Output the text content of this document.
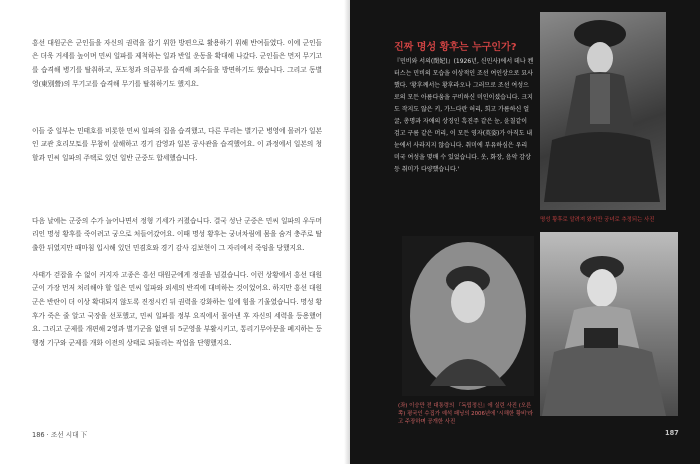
흥선 대원군은 군인들을 자신의 권력을 잡기 위한 방편으로 활용하기 위해 반여들였다. 이에 군인들은 더욱 거세를 높이며 민씨 일파를 제척하는 일과 반일 운동을 확대해 나갔다. 군인들은 먼저 무기고를 습격해 병기를 탈취하고, 포도청과 의금부를 습격해 죄수들을 방면하기도 했습니다. 그리고 동별영(東別營)의 무기고를 습격해 무기를 탈취하기도 했지요.

이들 중 일부는 민태호를 비롯한 민씨 일파의 집을 습격했고, 다른 무리는 별기군 병영에 몰려가 일본인 교관 호리모토를 무참히 살해하고 경기 감영과 일본 공사관을 습격했어요. 이 과정에서 일본의 청할과 민씨 일파의 주택로 있던 일반 군중도 합세했습니다.

다음 날에는 군중의 수가 늘어나면서 정형 기세가 커졌습니다. 결국 성난 군중은 민씨 일파의 우두머리인 명성 황후를 죽이려고 궁으로 처들어갔어요. 이때 명성 황후는 궁녀차림에 몸을 숨겨 충주로 탈출한 뒤였지만 때마침 입시해 있던 민겸호와 경기 감사 김보현이 그 자리에서 죽임을 당했지요.

사태가 걷잡을 수 없이 커지자 고종은 흥선 대원군에게 정권을 넘겼습니다. 이런 상황에서 흥선 대원군이 가장 먼저 처리해야 할 일은 민씨 일파와 외세의 반격에 대비하는 것이었어요. 하지만 흥선 대원군은 반란이 더 이상 확대되지 않도록 진정시킨 뒤 권력을 강화하는 일에 힘을 기울였습니다. 명성 황후가 죽은 줄 알고 국장을 선포했고, 민씨 일파를 정부 요직에서 몰아낸 후 자신의 세력을 등용했어요. 그리고 군제를 개편해 2영과 별기군을 없앤 뒤 5군영을 부활시키고, 통리기무아문을 폐지하는 등 행정 기구와 군제를 개화 이전의 상태로 되돌리는 작업을 단행했지요.

186 · 조선 시대 下
진짜 명성 황후는 누구인가?
『민비와 서의(閔妃)』(1926년, 신민사)에서 데나 켄터스는 민비의 모습을 이상적인 조선 여인상으로 묘사했다. '황후께서는 황후라오나 그러므로 조선 여성으로의 모든 아름다움을 구비하신 미인이셨습니다. 크지도 작지도 않은 키, 가느다란 허리, 희고 가름하신 얼굴, 총명과 자애의 상징인 흑진주 같은 눈, 윤칠같이 검고 구름 같은 머리, 이 모든 영자(英姿)가 아직도 내 눈에서 사라지지 않습니다. 취미에 부유하심은 우리 미국 여성을 몇배 수 있었습니다. 옷, 화장, 음악 감상 등 취미가 다양했습니다.'
명성 황후로 알려져 왔지만 궁녀로 추정되는 사진
(좌) 이승만 전 대통령의 『독립정신』에 실린 사진 (오른쪽) 평국인 수집가 예석 패닝의 2006년에 '시해한 황비'라고 주장하며 공개한 사진
187
